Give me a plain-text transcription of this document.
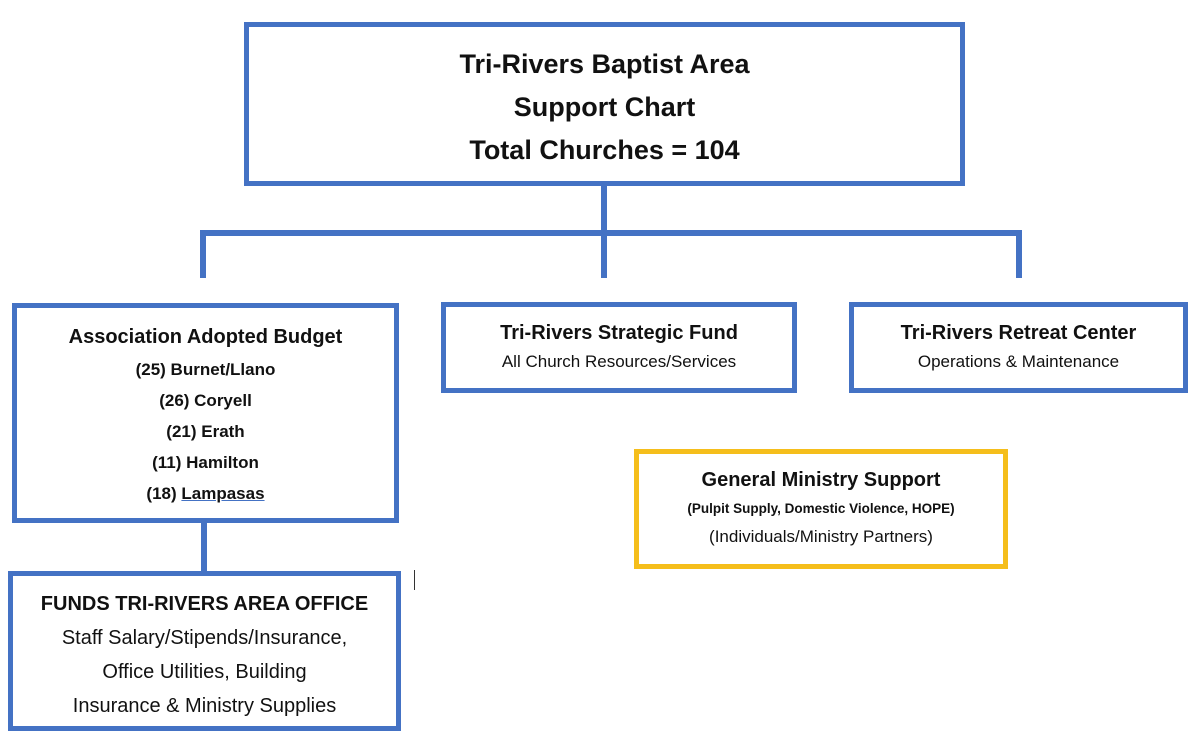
Tri-Rivers Baptist Area
Support Chart
Total Churches = 104
Association Adopted Budget
(25) Burnet/Llano
(26) Coryell
(21) Erath
(11) Hamilton
(18) Lampasas
Tri-Rivers Strategic Fund
All Church Resources/Services
Tri-Rivers Retreat Center
Operations & Maintenance
General Ministry Support
(Pulpit Supply, Domestic Violence, HOPE)
(Individuals/Ministry Partners)
FUNDS TRI-RIVERS AREA OFFICE
Staff Salary/Stipends/Insurance,
Office Utilities, Building
Insurance & Ministry Supplies
